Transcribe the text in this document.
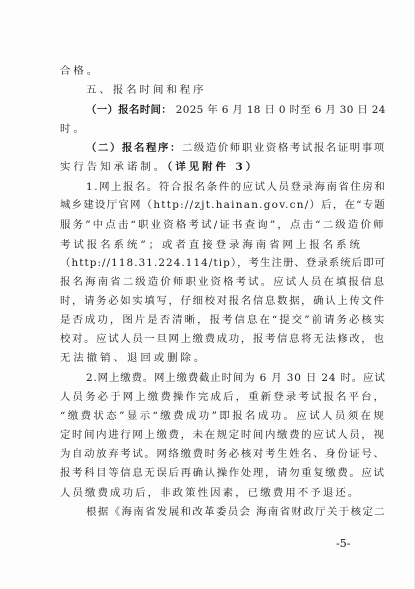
合格。
五、报名时间和程序
（一）报名时间： 2025 年 6 月 18 日 0 时至 6 月 30 日 24
时。
（二）报名程序：二级造价师职业资格考试报名证明事项
实行告知承诺制。（详见附件 3）
1.网上报名。符合报名条件的应试人员登录海南省住房和
城乡建设厅官网（http://zjt.hainan.gov.cn/）后，在“专题
服务”中点击“职业资格考试/证书查询”，点击“二级造价师
考试报名系统”；或者直接登录海南省网上报名系统
（http://118.31.224.114/tip），考生注册、登录系统后即可
报名海南省二级造价师职业资格考试。应试人员在填报信息
时，请务必如实填写，仔细校对报名信息数据，确认上传文件
是否成功，图片是否清晰，报考信息在“提交”前请务必核实
校对。应试人员一旦网上缴费成功，报考信息将无法修改，也
无法撤销、退回或删除。
2.网上缴费。网上缴费截止时间为 6 月 30 日 24 时。应试
人员务必于网上缴费操作完成后，重新登录考试报名平台，
“缴费状态”显示“缴费成功”即报名成功。应试人员须在规
定时间内进行网上缴费，未在规定时间内缴费的应试人员，视
为自动放弃考试。网络缴费时务必核对考生姓名、身份证号、
报考科目等信息无误后再确认操作处理，请勿重复缴费。应试
人员缴费成功后，非政策性因素，已缴费用不予退还。
根据《海南省发展和改革委员会 海南省财政厅关于核定二
-5-
